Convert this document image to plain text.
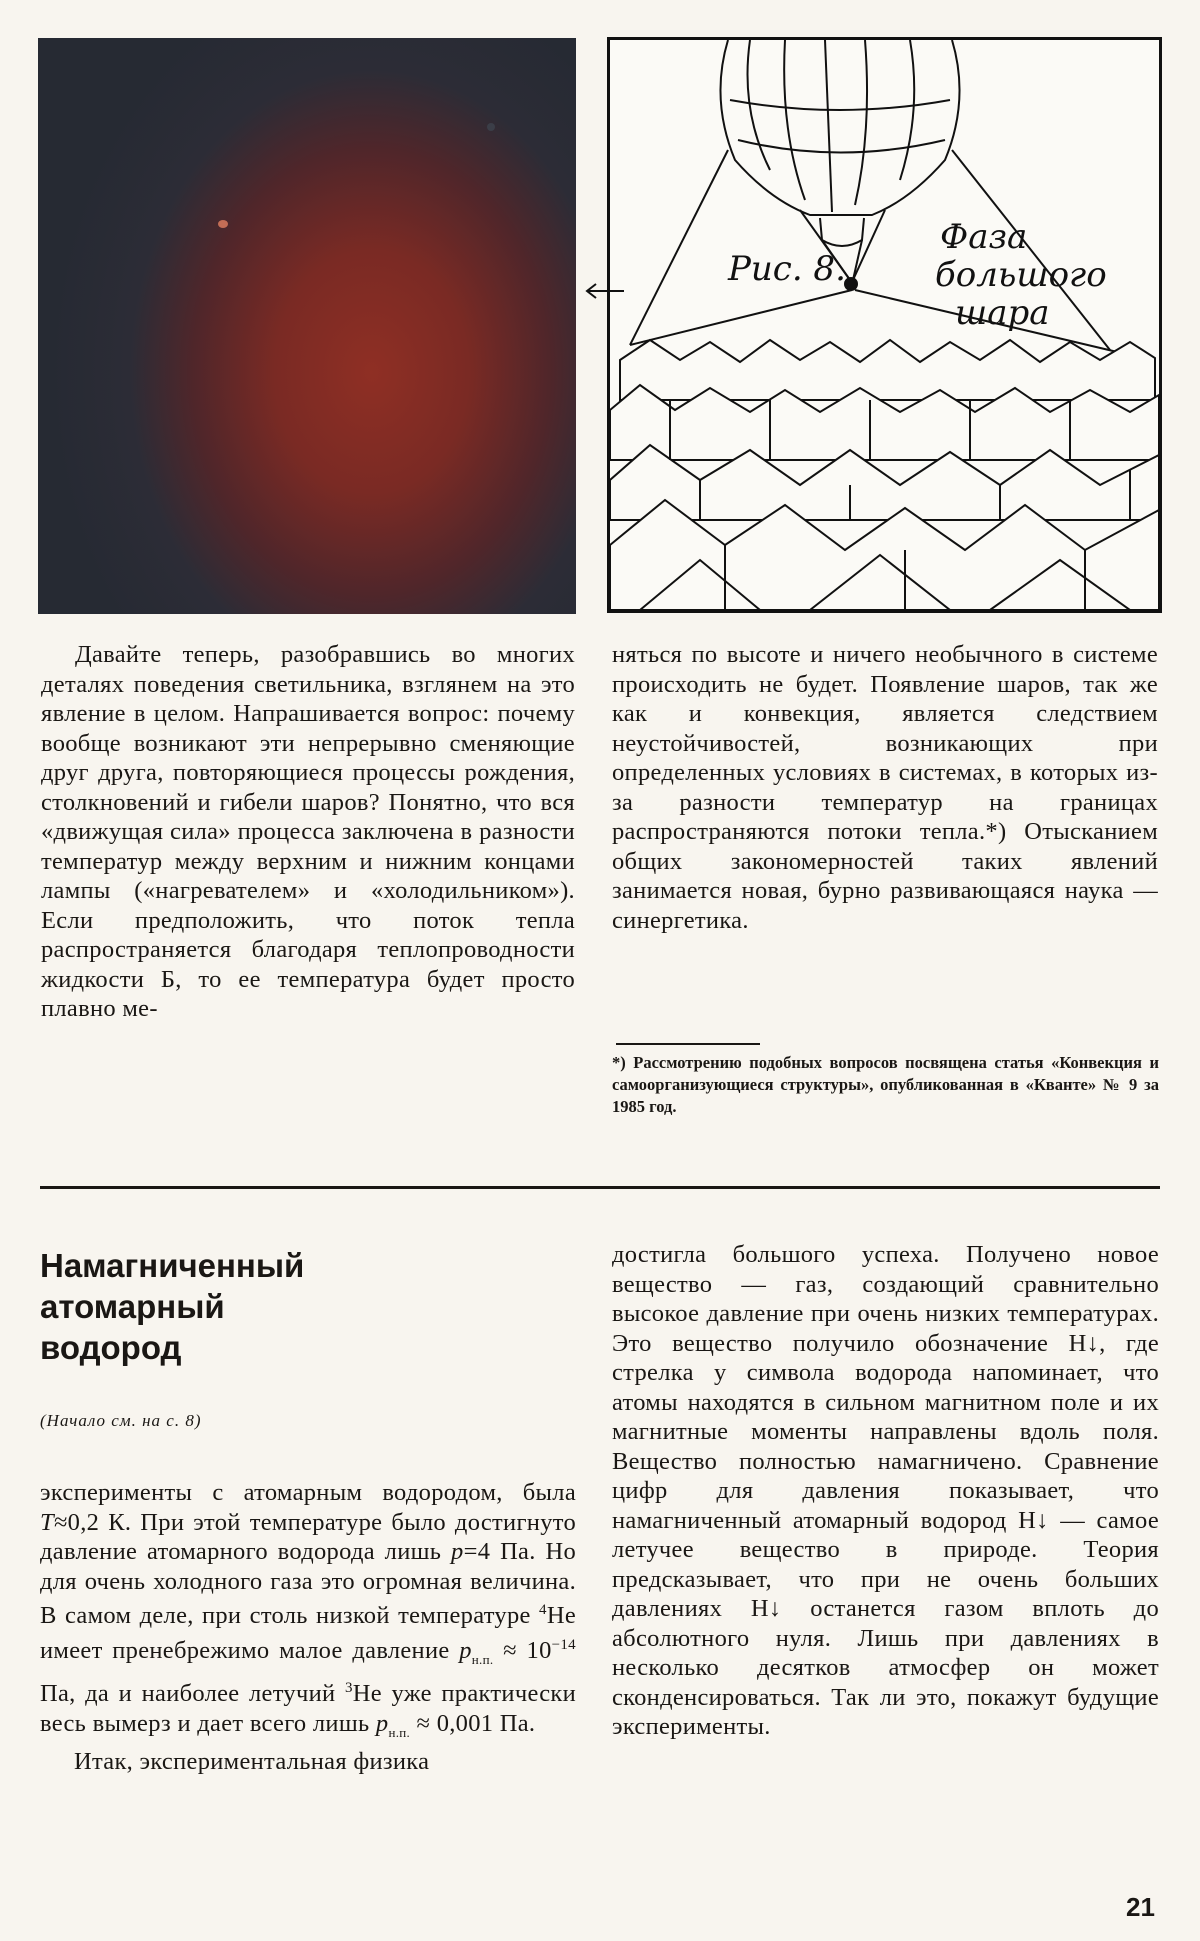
Рис. 8.
Фаза
большого
шара

Давайте теперь, разобравшись во многих деталях поведения светильника, взглянем на это явление в целом. Напрашивается вопрос: почему вообще возникают эти непрерывно сменяющие друг друга, повторяющиеся процессы рождения, столкновений и гибели шаров? Понятно, что вся «движущая сила» процесса заключена в разности температур между верхним и нижним концами лампы («нагревателем» и «холодильником»). Если предположить, что поток тепла распространяется благодаря теплопроводности жидкости Б, то ее температура будет просто плавно ме-

няться по высоте и ничего необычного в системе происходить не будет. Появление шаров, так же как и конвекция, является следствием неустойчивостей, возникающих при определенных условиях в системах, в которых из-за разности температур на границах распространяются потоки тепла.*) Отысканием общих закономерностей таких явлений занимается новая, бурно развивающаяся наука — синергетика.

*) Рассмотрению подобных вопросов посвящена статья «Конвекция и самоорганизующиеся структуры», опубликованная в «Кванте» № 9 за 1985 год.
Намагниченный
атомарный
водород
(Начало см. на с. 8)

эксперименты с атомарным водородом, была T≈0,2 К. При этой температуре было достигнуто давление атомарного водорода лишь p=4 Па. Но для очень холодного газа это огромная величина. В самом деле, при столь низкой температуре $^4$Не имеет пренебрежимо малое давление $p_{н.п.} \approx 10^{-14}$ Па, да и наиболее летучий $^3$Не уже практически весь вымерз и дает всего лишь $p_{н.п.} \approx 0,001$ Па.

Итак, экспериментальная физика

достигла большого успеха. Получено новое вещество — газ, создающий сравнительно высокое давление при очень низких температурах. Это вещество получило обозначение Н↓, где стрелка у символа водорода напоминает, что атомы находятся в сильном магнитном поле и их магнитные моменты направлены вдоль поля. Вещество полностью намагничено. Сравнение цифр для давления показывает, что намагниченный атомарный водород Н↓ — самое летучее вещество в природе. Теория предсказывает, что при не очень больших давлениях Н↓ останется газом вплоть до абсолютного нуля. Лишь при давлениях в несколько десятков атмосфер он может сконденсироваться. Так ли это, покажут будущие эксперименты.

21
